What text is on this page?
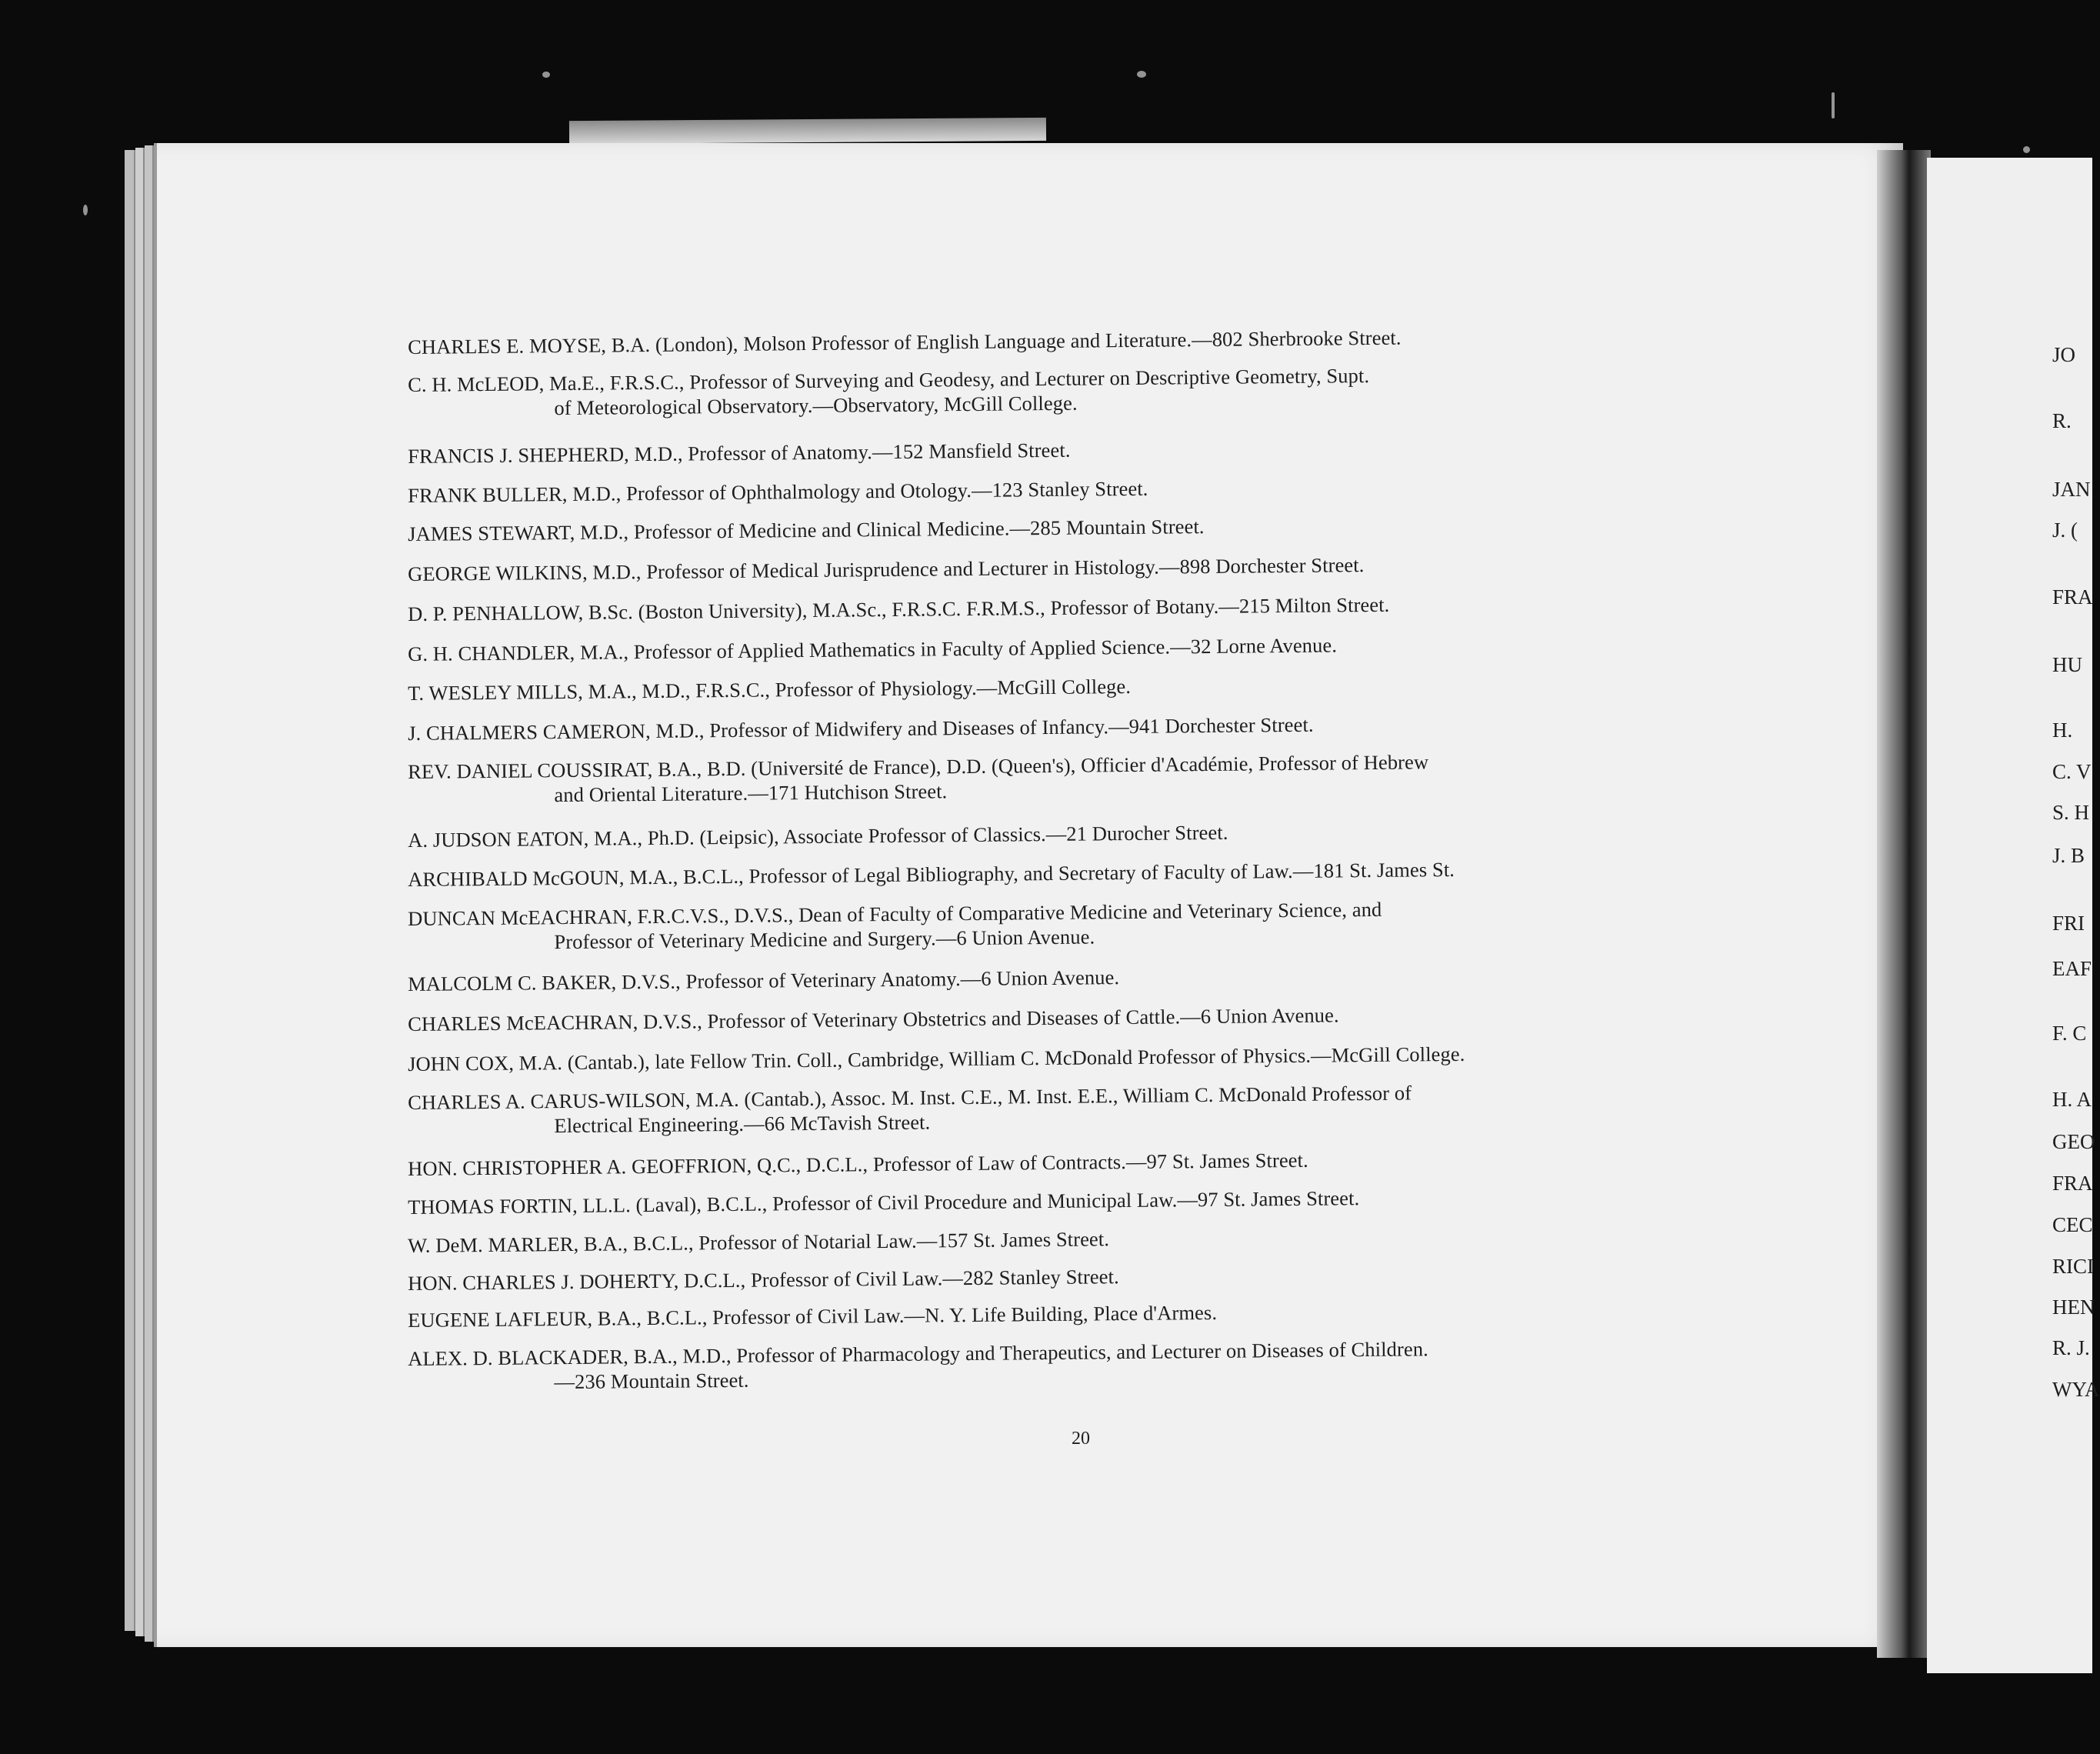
CHARLES E. MOYSE, B.A. (London), Molson Professor of English Language and Literature.—802 Sherbrooke Street.
C. H. McLEOD, Ma.E., F.R.S.C., Professor of Surveying and Geodesy, and Lecturer on Descriptive Geometry, Supt.
of Meteorological Observatory.—Observatory, McGill College.
FRANCIS J. SHEPHERD, M.D., Professor of Anatomy.—152 Mansfield Street.
FRANK BULLER, M.D., Professor of Ophthalmology and Otology.—123 Stanley Street.
JAMES STEWART, M.D., Professor of Medicine and Clinical Medicine.—285 Mountain Street.
GEORGE WILKINS, M.D., Professor of Medical Jurisprudence and Lecturer in Histology.—898 Dorchester Street.
D. P. PENHALLOW, B.Sc. (Boston University), M.A.Sc., F.R.S.C. F.R.M.S., Professor of Botany.—215 Milton Street.
G. H. CHANDLER, M.A., Professor of Applied Mathematics in Faculty of Applied Science.—32 Lorne Avenue.
T. WESLEY MILLS, M.A., M.D., F.R.S.C., Professor of Physiology.—McGill College.
J. CHALMERS CAMERON, M.D., Professor of Midwifery and Diseases of Infancy.—941 Dorchester Street.
REV. DANIEL COUSSIRAT, B.A., B.D. (Université de France), D.D. (Queen's), Officier d'Académie, Professor of Hebrew
and Oriental Literature.—171 Hutchison Street.
A. JUDSON EATON, M.A., Ph.D. (Leipsic), Associate Professor of Classics.—21 Durocher Street.
ARCHIBALD McGOUN, M.A., B.C.L., Professor of Legal Bibliography, and Secretary of Faculty of Law.—181 St. James St.
DUNCAN McEACHRAN, F.R.C.V.S., D.V.S., Dean of Faculty of Comparative Medicine and Veterinary Science, and
Professor of Veterinary Medicine and Surgery.—6 Union Avenue.
MALCOLM C. BAKER, D.V.S., Professor of Veterinary Anatomy.—6 Union Avenue.
CHARLES McEACHRAN, D.V.S., Professor of Veterinary Obstetrics and Diseases of Cattle.—6 Union Avenue.
JOHN COX, M.A. (Cantab.), late Fellow Trin. Coll., Cambridge, William C. McDonald Professor of Physics.—McGill College.
CHARLES A. CARUS-WILSON, M.A. (Cantab.), Assoc. M. Inst. C.E., M. Inst. E.E., William C. McDonald Professor of
Electrical Engineering.—66 McTavish Street.
HON. CHRISTOPHER A. GEOFFRION, Q.C., D.C.L., Professor of Law of Contracts.—97 St. James Street.
THOMAS FORTIN, LL.L. (Laval), B.C.L., Professor of Civil Procedure and Municipal Law.—97 St. James Street.
W. DeM. MARLER, B.A., B.C.L., Professor of Notarial Law.—157 St. James Street.
HON. CHARLES J. DOHERTY, D.C.L., Professor of Civil Law.—282 Stanley Street.
EUGENE LAFLEUR, B.A., B.C.L., Professor of Civil Law.—N. Y. Life Building, Place d'Armes.
ALEX. D. BLACKADER, B.A., M.D., Professor of Pharmacology and Therapeutics, and Lecturer on Diseases of Children.
—236 Mountain Street.
20
JO
R.
JAN
J. (
FRA
HU
H.
C. V
S. H
J. B
FRI
EAF
F. C
H. A
GEO
FRA
CEC
RICI
HEN
R. J.
WYA
